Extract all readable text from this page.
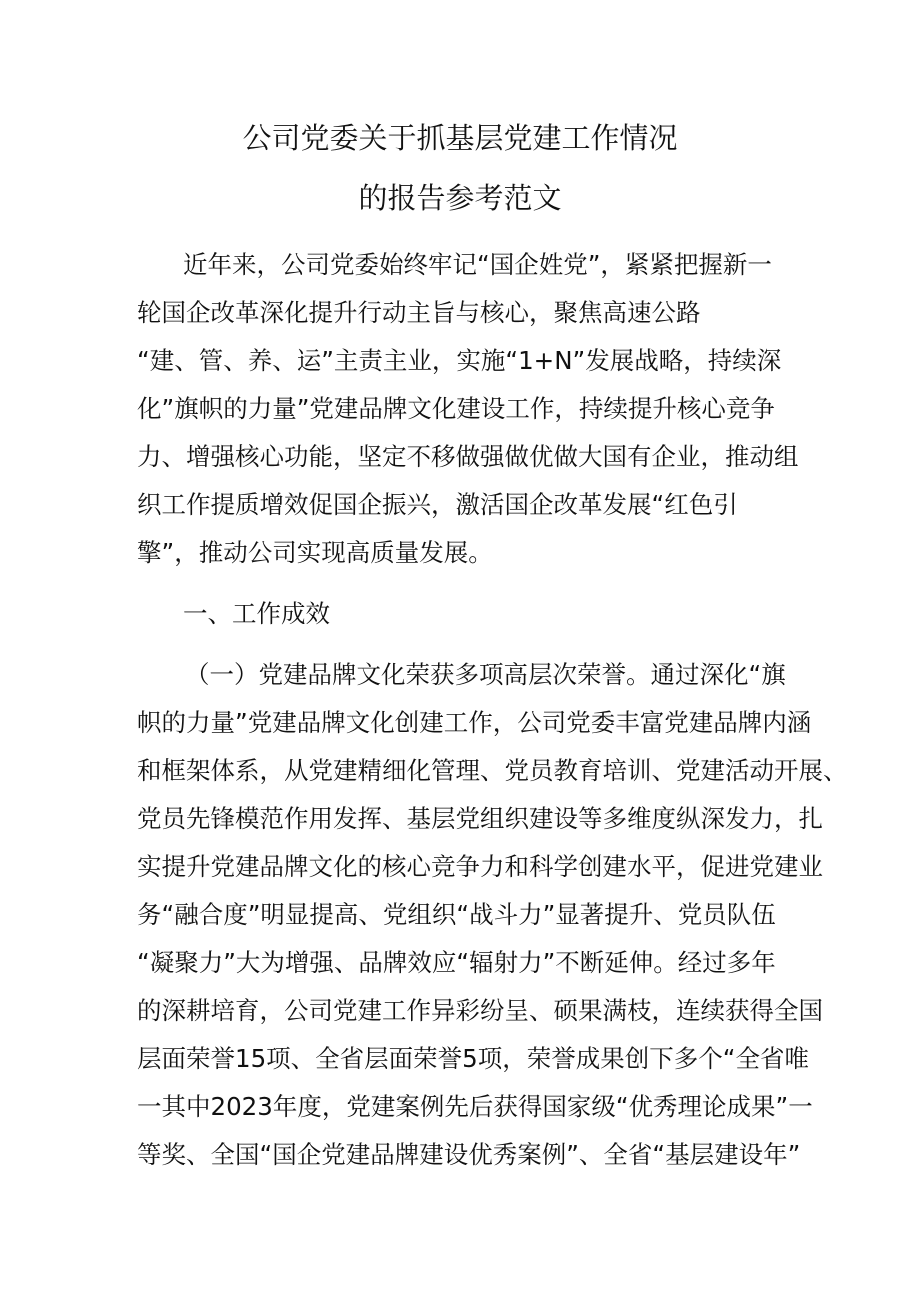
公司党委关于抓基层党建工作情况
的报告参考范文
近年来，公司党委始终牢记“国企姓党”，紧紧把握新一
轮国企改革深化提升行动主旨与核心，聚焦高速公路
“建、管、养、运”主责主业，实施“1+N”发展战略，持续深
化”旗帜的力量”党建品牌文化建设工作，持续提升核心竞争
力、增强核心功能，坚定不移做强做优做大国有企业，推动组
织工作提质增效促国企振兴，激活国企改革发展“红色引
擎”，推动公司实现高质量发展。
一、工作成效
（一）党建品牌文化荣获多项高层次荣誉。通过深化“旗
帜的力量”党建品牌文化创建工作，公司党委丰富党建品牌内涵
和框架体系，从党建精细化管理、党员教育培训、党建活动开展、
党员先锋模范作用发挥、基层党组织建设等多维度纵深发力，扎
实提升党建品牌文化的核心竞争力和科学创建水平，促进党建业
务“融合度”明显提高、党组织“战斗力”显著提升、党员队伍
“凝聚力”大为增强、品牌效应“辐射力”不断延伸。经过多年
的深耕培育，公司党建工作异彩纷呈、硕果满枝，连续获得全国
层面荣誉15项、全省层面荣誉5项，荣誉成果创下多个“全省唯
一其中2023年度，党建案例先后获得国家级“优秀理论成果”一
等奖、全国“国企党建品牌建设优秀案例”、全省“基层建设年”
